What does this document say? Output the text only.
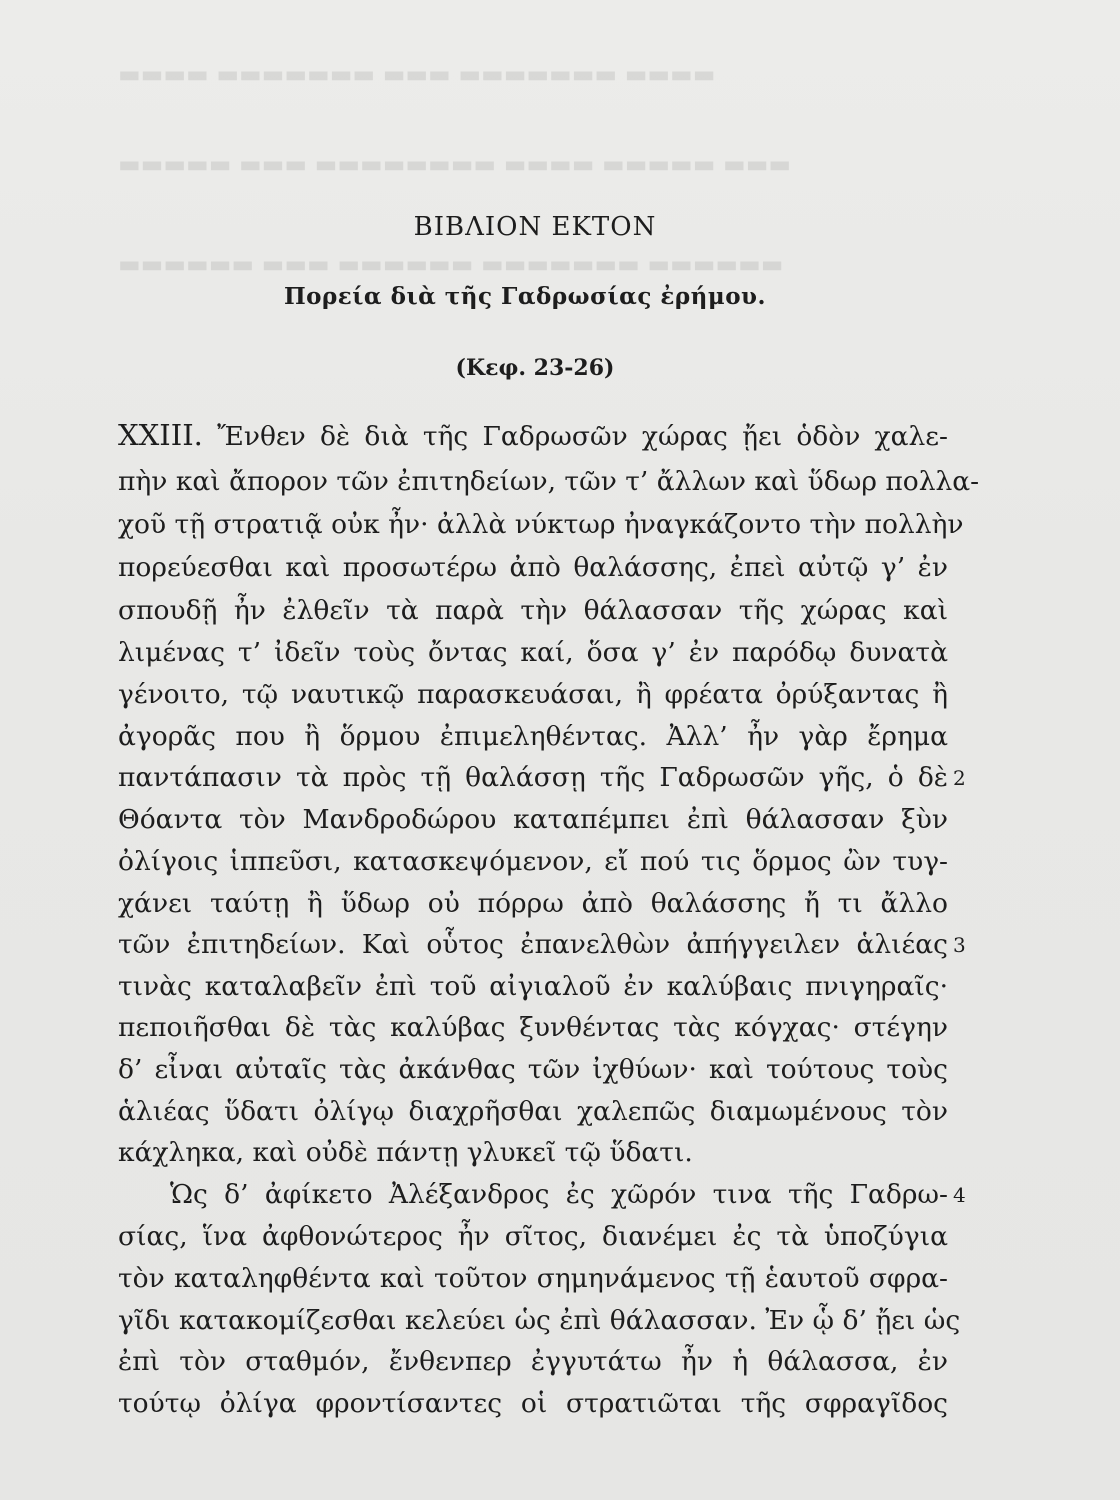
▬▬▬▬ ▬▬▬▬▬▬▬ ▬▬▬ ▬▬▬▬▬▬▬ ▬▬▬▬
▬▬▬▬▬ ▬▬▬ ▬▬▬▬▬▬▬▬ ▬▬▬▬ ▬▬▬▬▬ ▬▬▬
▬▬▬▬▬▬ ▬▬▬ ▬▬▬▬▬▬ ▬▬▬▬▬▬▬ ▬▬▬▬▬▬
ΒΙΒΛΙΟΝ ΕΚΤΟΝ
Πορεία διὰ τῆς Γαδρωσίας ἐρήμου.
(Κεφ. 23-26)
XXIII. Ἔνθεν δὲ διὰ τῆς Γαδρωσῶν χώρας ᾔει ὁδὸν χαλε-
πὴν καὶ ἄπορον τῶν ἐπιτηδείων, τῶν τ’ ἄλλων καὶ ὕδωρ πολλα-
χοῦ τῇ στρατιᾷ οὐκ ἦν· ἀλλὰ νύκτωρ ἠναγκάζοντο τὴν πολλὴν
πορεύεσθαι καὶ προσωτέρω ἀπὸ θαλάσσης, ἐπεὶ αὐτῷ γ’ ἐν
σπουδῇ ἦν ἐλθεῖν τὰ παρὰ τὴν θάλασσαν τῆς χώρας καὶ
λιμένας τ’ ἰδεῖν τοὺς ὄντας καί, ὅσα γ’ ἐν παρόδῳ δυνατὰ
γένοιτο, τῷ ναυτικῷ παρασκευάσαι, ἢ φρέατα ὀρύξαντας ἢ
ἀγορᾶς που ἢ ὅρμου ἐπιμεληθέντας. Ἀλλ’ ἦν γὰρ ἔρημα
παντάπασιν τὰ πρὸς τῇ θαλάσσῃ τῆς Γαδρωσῶν γῆς, ὁ δὲ
Θόαντα τὸν Μανδροδώρου καταπέμπει ἐπὶ θάλασσαν ξὺν
ὀλίγοις ἱππεῦσι, κατασκεψόμενον, εἴ πού τις ὅρμος ὢν τυγ-
χάνει ταύτῃ ἢ ὕδωρ οὐ πόρρω ἀπὸ θαλάσσης ἤ τι ἄλλο
τῶν ἐπιτηδείων. Καὶ οὗτος ἐπανελθὼν ἀπήγγειλεν ἁλιέας
τινὰς καταλαβεῖν ἐπὶ τοῦ αἰγιαλοῦ ἐν καλύβαις πνιγηραῖς·
πεποιῆσθαι δὲ τὰς καλύβας ξυνθέντας τὰς κόγχας· στέγην
δ’ εἶναι αὐταῖς τὰς ἀκάνθας τῶν ἰχθύων· καὶ τούτους τοὺς
ἁλιέας ὕδατι ὀλίγῳ διαχρῆσθαι χαλεπῶς διαμωμένους τὸν
κάχληκα, καὶ οὐδὲ πάντῃ γλυκεῖ τῷ ὕδατι.
Ὡς δ’ ἀφίκετο Ἀλέξανδρος ἐς χῶρόν τινα τῆς Γαδρω-
σίας, ἵνα ἀφθονώτερος ἦν σῖτος, διανέμει ἐς τὰ ὑποζύγια
τὸν καταληφθέντα καὶ τοῦτον σημηνάμενος τῇ ἑαυτοῦ σφρα-
γῖδι κατακομίζεσθαι κελεύει ὡς ἐπὶ θάλασσαν. Ἐν ᾧ δ’ ᾔει ὡς
ἐπὶ τὸν σταθμόν, ἔνθενπερ ἐγγυτάτω ἦν ἡ θάλασσα, ἐν
τούτῳ ὀλίγα φροντίσαντες οἱ στρατιῶται τῆς σφραγῖδος
2
3
4
